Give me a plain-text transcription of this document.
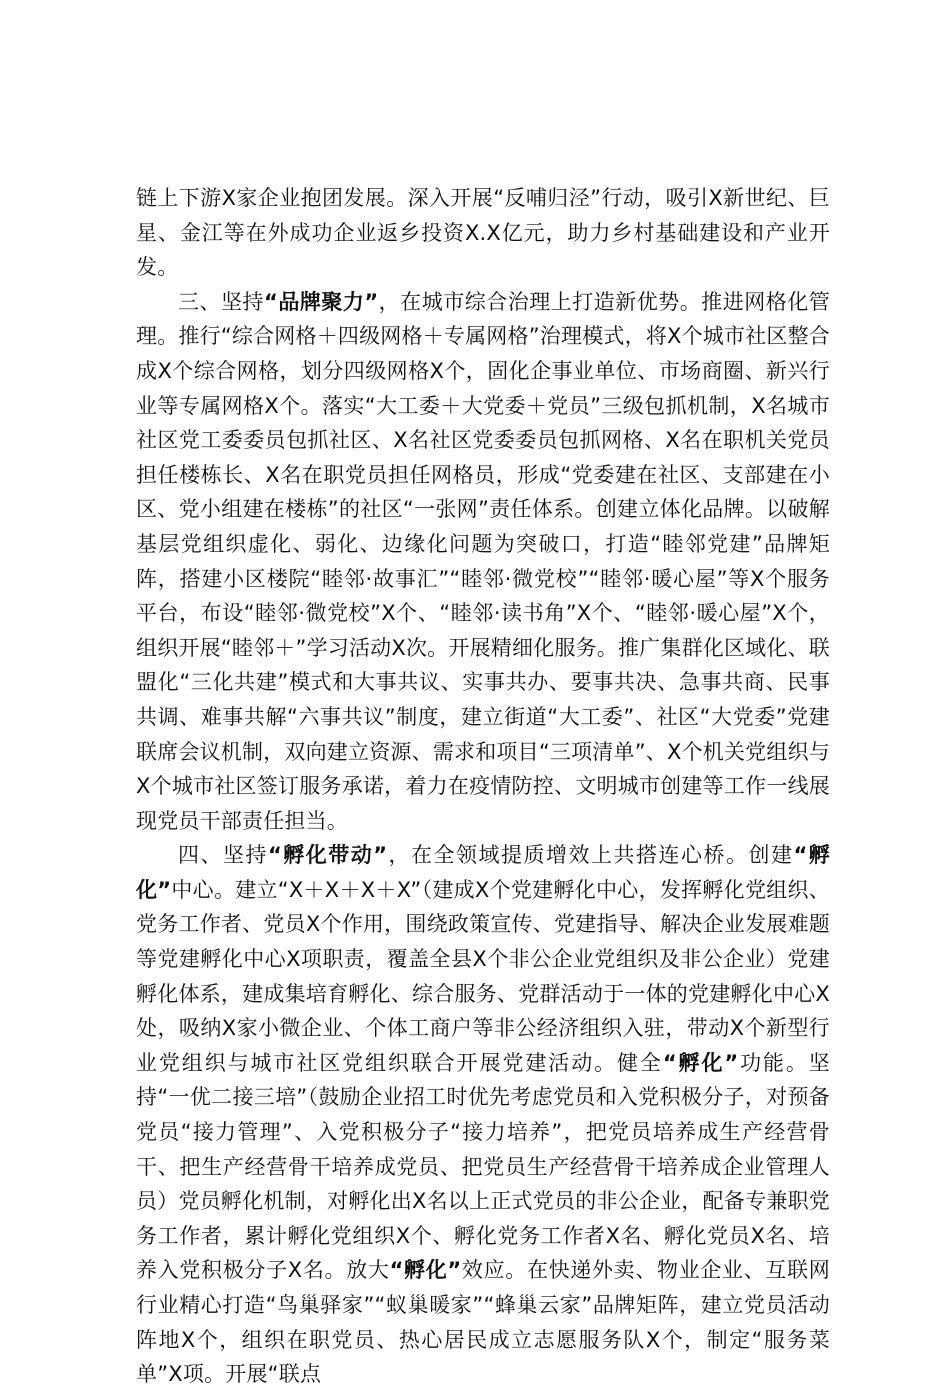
链上下游X家企业抱团发展。深入开展“反哺归泾”行动，吸引X新世纪、巨星、金江等在外成功企业返乡投资X.X亿元，助力乡村基础建设和产业开发。

三、坚持“品牌聚力”，在城市综合治理上打造新优势。推进网格化管理。推行“综合网格＋四级网格＋专属网格”治理模式，将X个城市社区整合成X个综合网格，划分四级网格X个，固化企事业单位、市场商圈、新兴行业等专属网格X个。落实“大工委＋大党委＋党员”三级包抓机制，X名城市社区党工委委员包抓社区、X名社区党委委员包抓网格、X名在职机关党员担任楼栋长、X名在职党员担任网格员，形成“党委建在社区、支部建在小区、党小组建在楼栋”的社区“一张网”责任体系。创建立体化品牌。以破解基层党组织虚化、弱化、边缘化问题为突破口，打造“睦邻党建”品牌矩阵，搭建小区楼院“睦邻·故事汇”“睦邻·微党校”“睦邻·暖心屋”等X个服务平台，布设“睦邻·微党校”X个、“睦邻·读书角”X个、“睦邻·暖心屋”X个，组织开展“睦邻＋”学习活动X次。开展精细化服务。推广集群化区域化、联盟化“三化共建”模式和大事共议、实事共办、要事共决、急事共商、民事共调、难事共解“六事共议”制度，建立街道“大工委”、社区“大党委”党建联席会议机制，双向建立资源、需求和项目“三项清单”、X个机关党组织与X个城市社区签订服务承诺，着力在疫情防控、文明城市创建等工作一线展现党员干部责任担当。

四、坚持“孵化带动”，在全领域提质增效上共搭连心桥。创建“孵化”中心。建立“X＋X＋X＋X”（建成X个党建孵化中心，发挥孵化党组织、党务工作者、党员X个作用，围绕政策宣传、党建指导、解决企业发展难题等党建孵化中心X项职责，覆盖全县X个非公企业党组织及非公企业）党建孵化体系，建成集培育孵化、综合服务、党群活动于一体的党建孵化中心X处，吸纳X家小微企业、个体工商户等非公经济组织入驻，带动X个新型行业党组织与城市社区党组织联合开展党建活动。健全“孵化”功能。坚持“一优二接三培”（鼓励企业招工时优先考虑党员和入党积极分子，对预备党员“接力管理”、入党积极分子“接力培养”，把党员培养成生产经营骨干、把生产经营骨干培养成党员、把党员生产经营骨干培养成企业管理人员）党员孵化机制，对孵化出X名以上正式党员的非公企业，配备专兼职党务工作者，累计孵化党组织X个、孵化党务工作者X名、孵化党员X名、培养入党积极分子X名。放大“孵化”效应。在快递外卖、物业企业、互联网行业精心打造“鸟巢驿家”“蚁巢暖家”“蜂巢云家”品牌矩阵，建立党员活动阵地X个，组织在职党员、热心居民成立志愿服务队X个，制定“服务菜单”X项。开展“联点
